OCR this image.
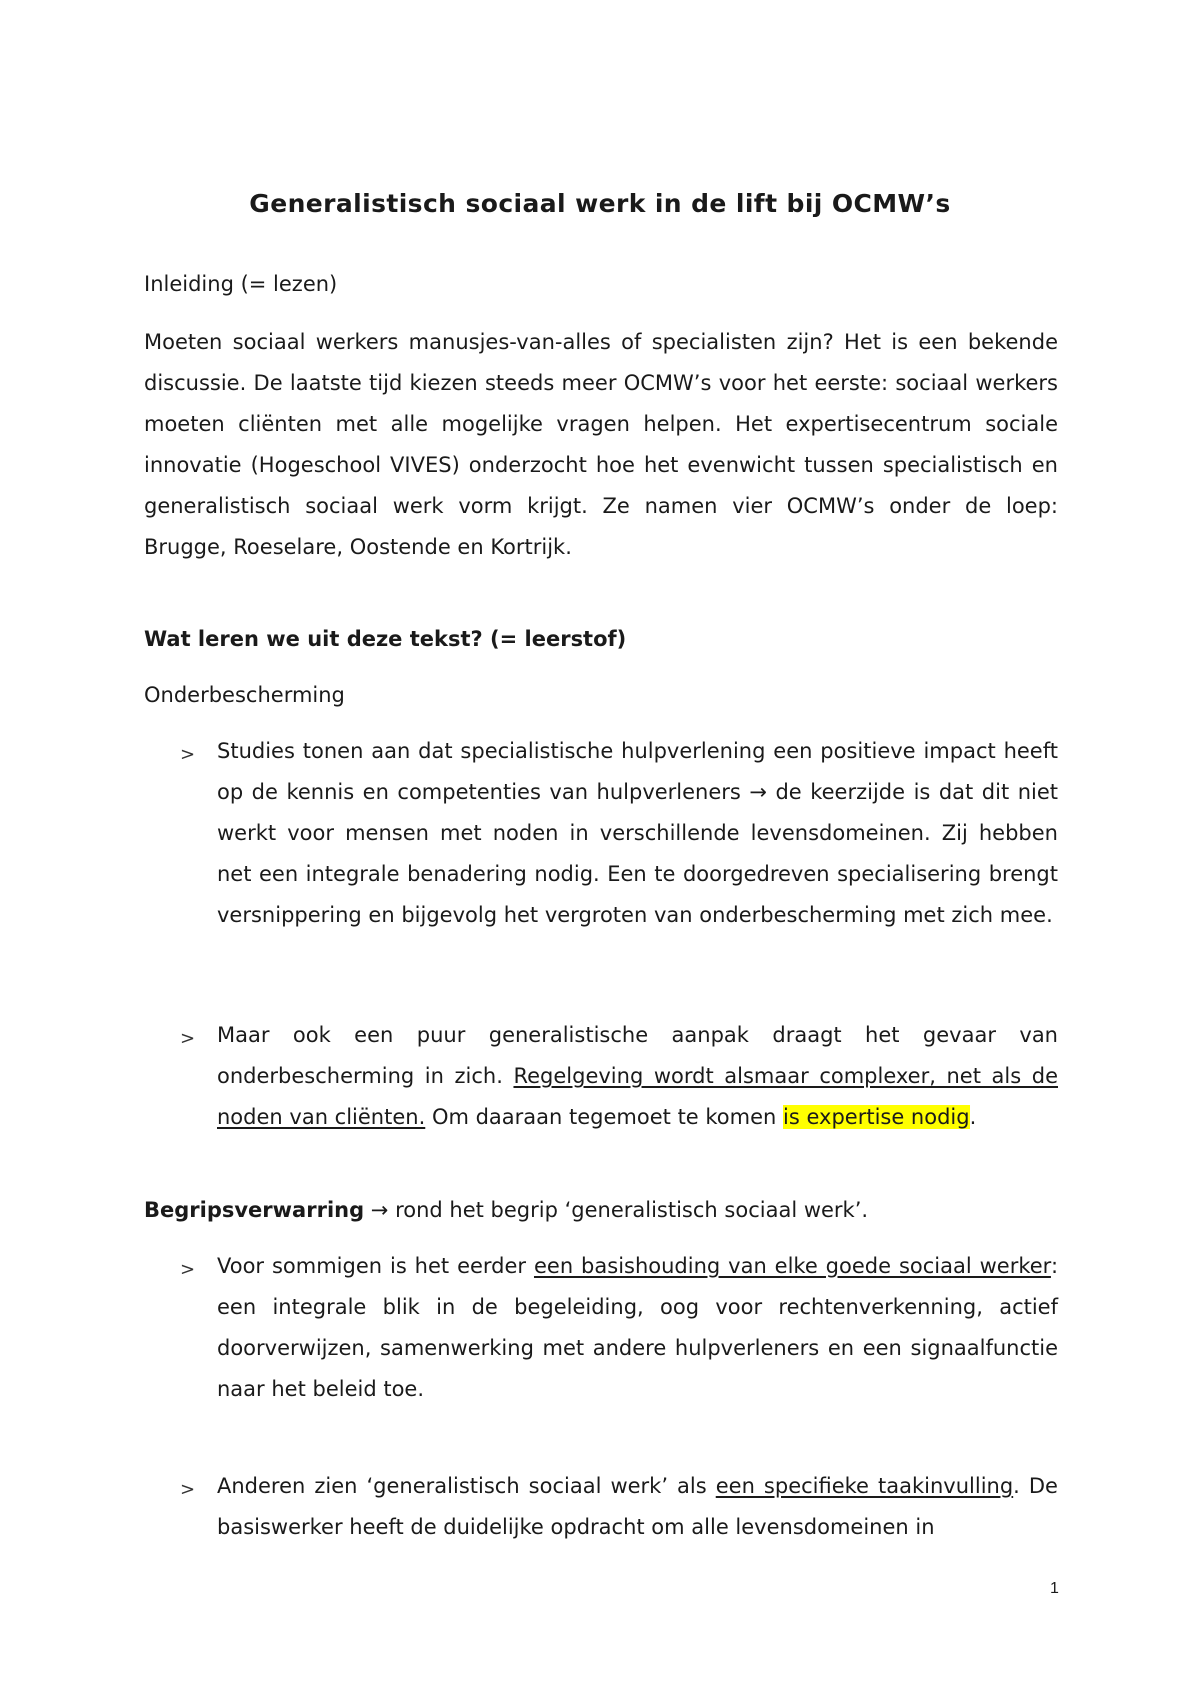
Generalistisch sociaal werk in de lift bij OCMW’s

Inleiding (= lezen)

Moeten sociaal werkers manusjes-van-alles of specialisten zijn? Het is een bekende discussie. De laatste tijd kiezen steeds meer OCMW’s voor het eerste: sociaal werkers moeten cliënten met alle mogelijke vragen helpen. Het expertisecentrum sociale innovatie (Hogeschool VIVES) onderzocht hoe het evenwicht tussen specialistisch en generalistisch sociaal werk vorm krijgt. Ze namen vier OCMW’s onder de loep: Brugge, Roeselare, Oostende en Kortrijk.

Wat leren we uit deze tekst? (= leerstof)

Onderbescherming

> Studies tonen aan dat specialistische hulpverlening een positieve impact heeft op de kennis en competenties van hulpverleners → de keerzijde is dat dit niet werkt voor mensen met noden in verschillende levensdomeinen. Zij hebben net een integrale benadering nodig. Een te doorgedreven specialisering brengt versnippering en bijgevolg het vergroten van onderbescherming met zich mee.

> Maar ook een puur generalistische aanpak draagt het gevaar van onderbescherming in zich. Regelgeving wordt alsmaar complexer, net als de noden van cliënten. Om daaraan tegemoet te komen is expertise nodig.

Begripsverwarring → rond het begrip ‘generalistisch sociaal werk’.

> Voor sommigen is het eerder een basishouding van elke goede sociaal werker: een integrale blik in de begeleiding, oog voor rechtenverkenning, actief doorverwijzen, samenwerking met andere hulpverleners en een signaalfunctie naar het beleid toe.

> Anderen zien ‘generalistisch sociaal werk’ als een specifieke taakinvulling. De basiswerker heeft de duidelijke opdracht om alle levensdomeinen in

1
